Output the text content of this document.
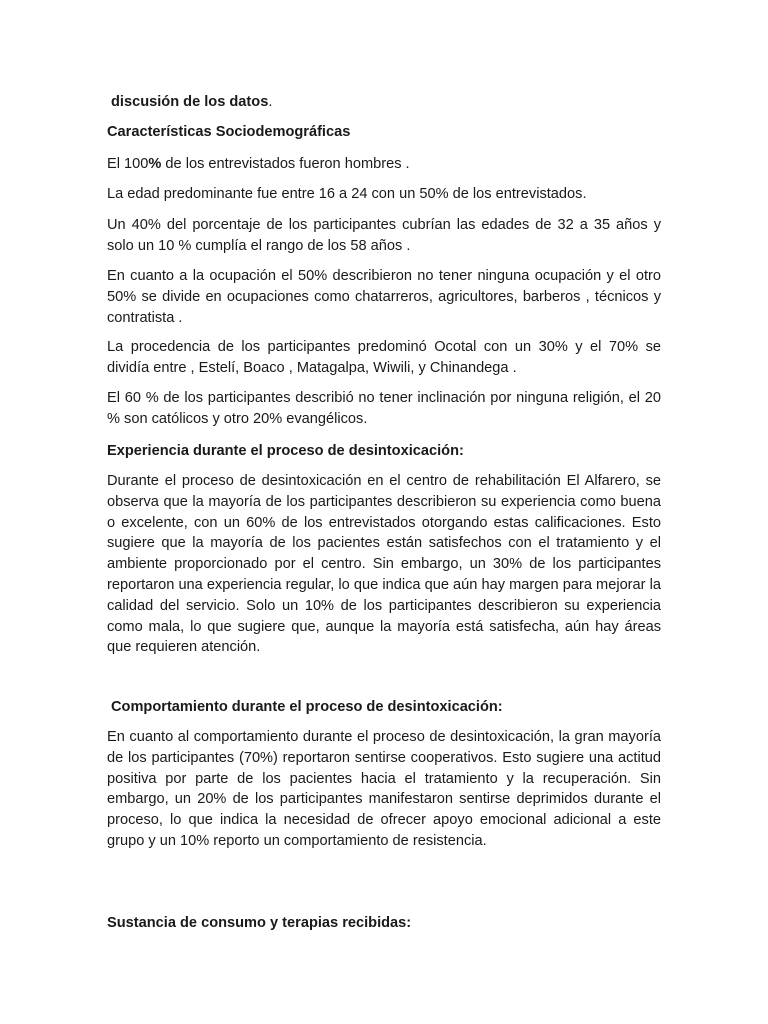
discusión de los datos.
Características Sociodemográficas
El 100% de los entrevistados fueron hombres .
La edad predominante fue entre 16 a 24 con un 50% de los entrevistados.
Un 40% del porcentaje de los participantes cubrían las edades de 32 a 35 años y solo un 10 % cumplía el rango de los 58 años .
En cuanto a la ocupación el 50% describieron no tener ninguna ocupación y el otro 50% se divide en ocupaciones como chatarreros, agricultores, barberos , técnicos y contratista .
La procedencia de los participantes predominó Ocotal con un 30% y el 70% se dividía entre , Estelí, Boaco , Matagalpa, Wiwili, y Chinandega .
El 60 % de los participantes describió no tener inclinación por ninguna religión, el 20 % son católicos y otro 20% evangélicos.
Experiencia durante el proceso de desintoxicación:
Durante el proceso de desintoxicación en el centro de rehabilitación El Alfarero, se observa que la mayoría de los participantes describieron su experiencia como buena o excelente, con un 60% de los entrevistados otorgando estas calificaciones. Esto sugiere que la mayoría de los pacientes están satisfechos con el tratamiento y el ambiente proporcionado por el centro. Sin embargo, un 30% de los participantes reportaron una experiencia regular, lo que indica que aún hay margen para mejorar la calidad del servicio. Solo un 10% de los participantes describieron su experiencia como mala, lo que sugiere que, aunque la mayoría está satisfecha, aún hay áreas que requieren atención.
Comportamiento durante el proceso de desintoxicación:
En cuanto al comportamiento durante el proceso de desintoxicación, la gran mayoría de los participantes (70%) reportaron sentirse cooperativos. Esto sugiere una actitud positiva por parte de los pacientes hacia el tratamiento y la recuperación. Sin embargo, un 20% de los participantes manifestaron sentirse deprimidos durante el proceso, lo que indica la necesidad de ofrecer apoyo emocional adicional a este grupo y un 10% reporto un comportamiento de resistencia.
Sustancia de consumo y terapias recibidas:
